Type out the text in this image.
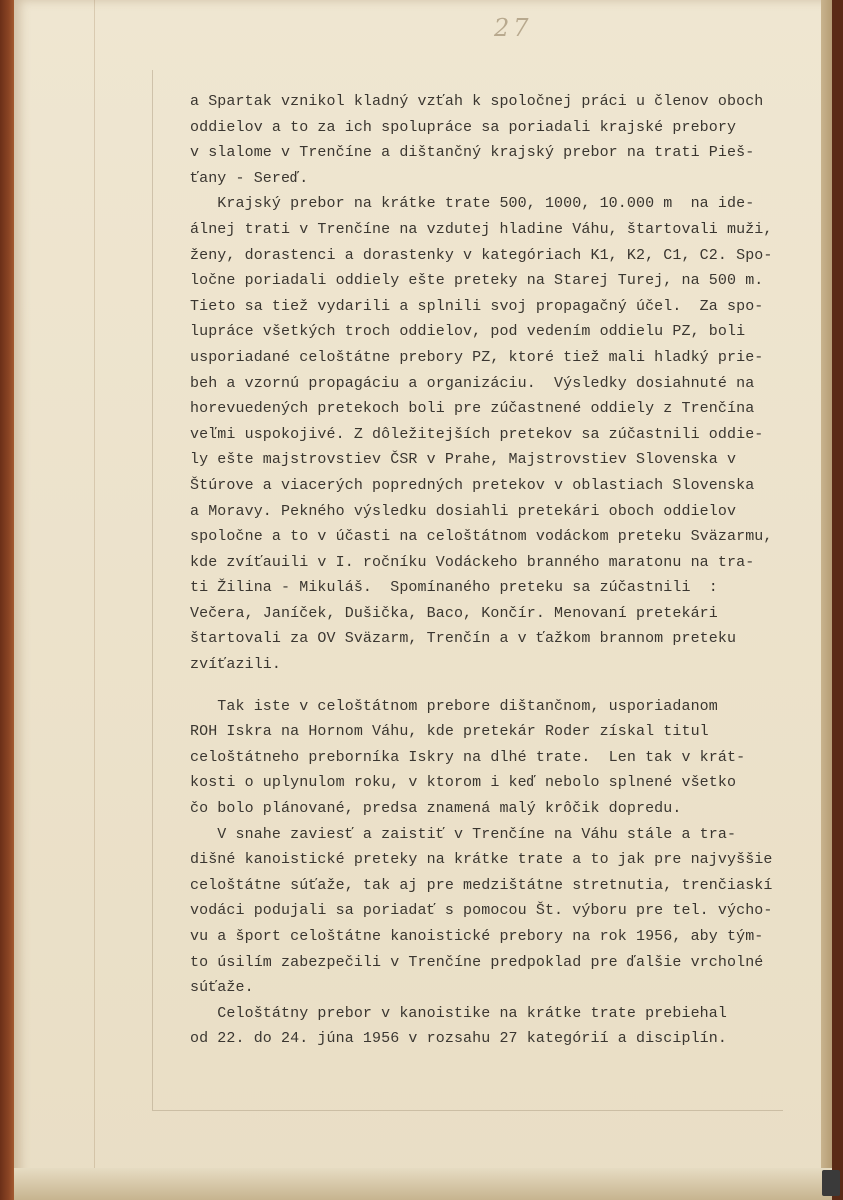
27
a Spartak vznikol kladný vzťah k spoločnej práci u členov oboch
oddielov a to za ich spolupráce sa poriadali krajské prebory
v slalome v Trenčíne a dištančný krajský prebor na trati Pieš-
ťany - Sereď.
Krajský prebor na krátke trate 500, 1000, 10.000 m  na ide-
álnej trati v Trenčíne na vzdutej hladine Váhu, štartovali muži,
ženy, dorastenci a dorastenky v kategóriach K1, K2, C1, C2. Spo-
ločne poriadali oddiely ešte preteky na Starej Turej, na 500 m.
Tieto sa tiež vydarili a splnili svoj propagačný účel.  Za spo-
lupráce všetkých troch oddielov, pod vedením oddielu PZ, boli
usporiadané celoštátne prebory PZ, ktoré tiež mali hladký prie-
beh a vzornú propagáciu a organizáciu.  Výsledky dosiahnuté na
horevuedených pretekoch boli pre zúčastnené oddiely z Trenčína
veľmi uspokojivé. Z dôležitejších pretekov sa zúčastnili oddie-
ly ešte majstrovstiev ČSR v Prahe, Majstrovstiev Slovenska v
Štúrove a viacerých popredných pretekov v oblastiach Slovenska
a Moravy. Pekného výsledku dosiahli pretekári oboch oddielov
spoločne a to v účasti na celoštátnom vodáckom preteku Sväzarmu,
kde zvíťauili v I. ročníku Vodáckeho branného maratonu na tra-
ti Žilina - Mikuláš.  Spomínaného preteku sa zúčastnili  :
Večera, Janíček, Dušička, Baco, Končír. Menovaní pretekári
štartovali za OV Sväzarm, Trenčín a v ťažkom brannom preteku
zvíťazili.
Tak iste v celoštátnom prebore dištančnom, usporiadanom
ROH Iskra na Hornom Váhu, kde pretekár Roder získal titul
celoštátneho preborníka Iskry na dlhé trate.  Len tak v krát-
kosti o uplynulom roku, v ktorom i keď nebolo splnené všetko
čo bolo plánované, predsa znamená malý krôčik dopredu.
V snahe zaviesť a zaistiť v Trenčíne na Váhu stále a tra-
dišné kanoistické preteky na krátke trate a to jak pre najvyššie
celoštátne súťaže, tak aj pre medzištátne stretnutia, trenčiaskí
vodáci podujali sa poriadať s pomocou Št. výboru pre tel. výcho-
vu a šport celoštátne kanoistické prebory na rok 1956, aby tým-
to úsilím zabezpečili v Trenčíne predpoklad pre ďalšie vrcholné
súťaže.
Celoštátny prebor v kanoistike na krátke trate prebiehal
od 22. do 24. júna 1956 v rozsahu 27 kategórií a disciplín.
